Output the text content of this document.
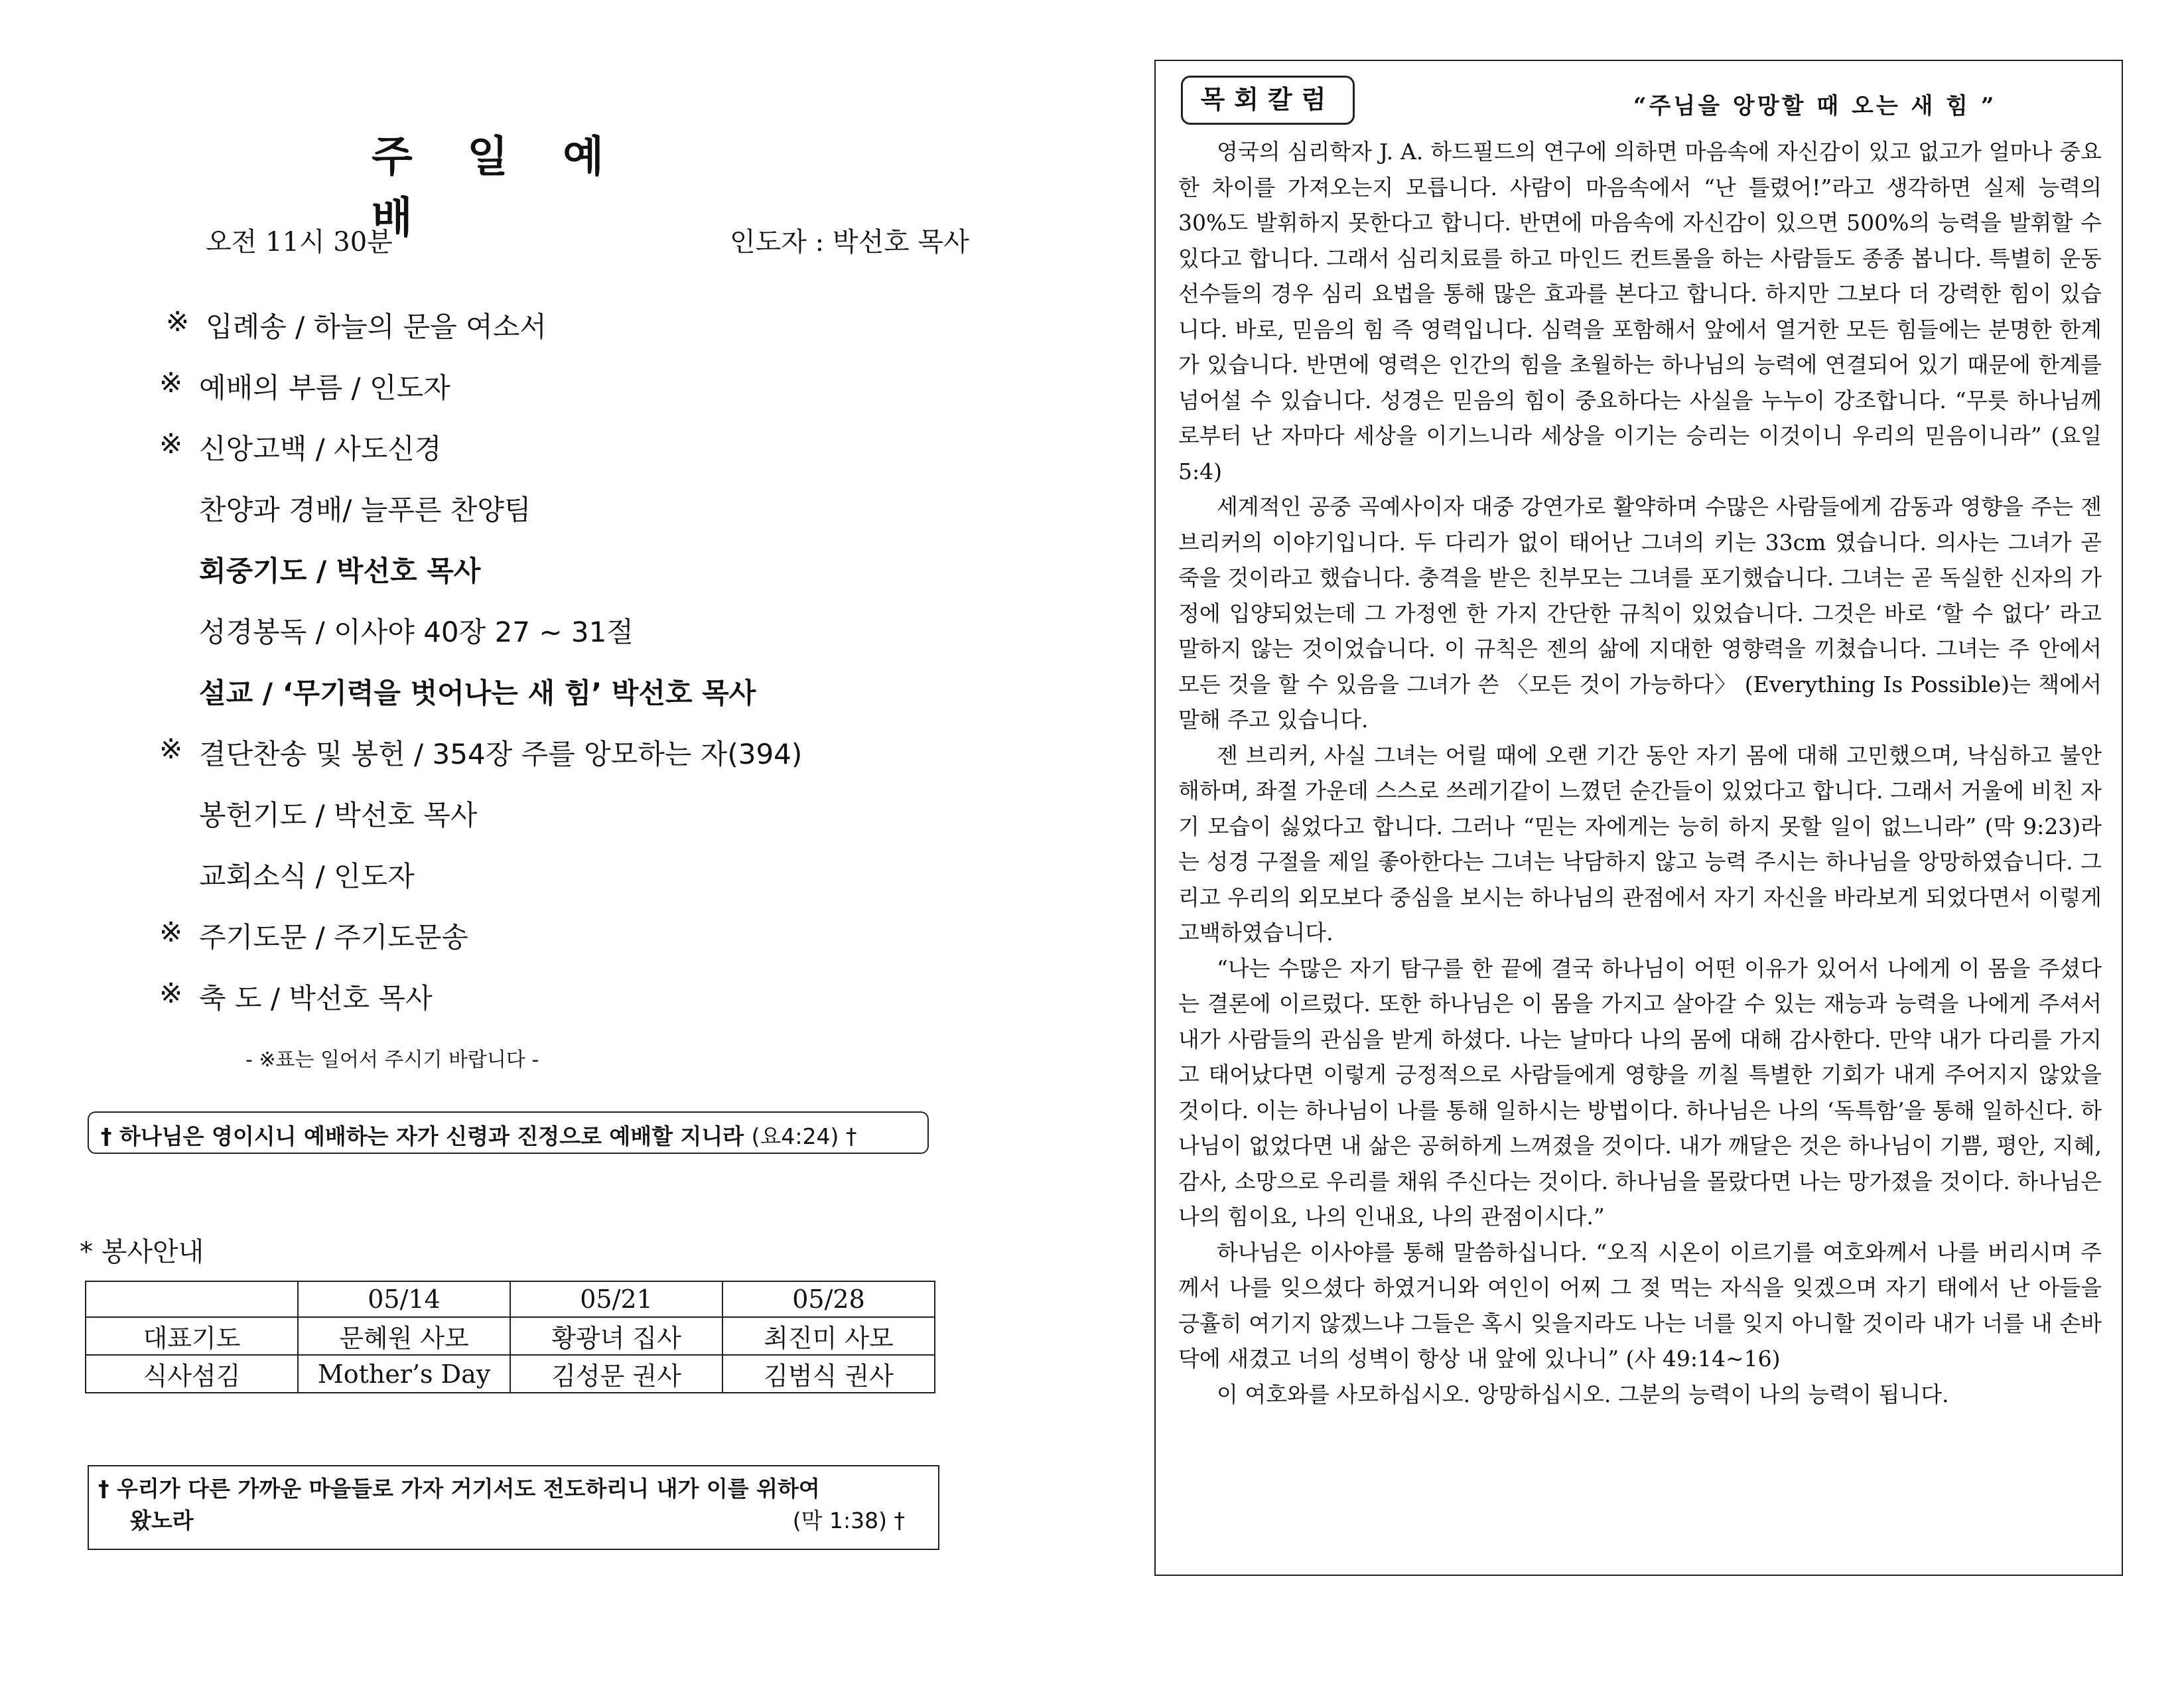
주 일 예 배
오전 11시 30분	인도자 : 박선호 목사
※ 입례송 / 하늘의 문을 여소서
※ 예배의 부름 / 인도자
※ 신앙고백 / 사도신경
찬양과 경배/ 늘푸른 찬양팀
회중기도 / 박선호 목사
성경봉독 / 이사야 40장 27 ~ 31절
설교 / ‘무기력을 벗어나는 새 힘’ 박선호 목사
※ 결단찬송 및 봉헌 / 354장 주를 앙모하는 자(394)
봉헌기도 / 박선호 목사
교회소식 / 인도자
※ 주기도문 / 주기도문송
※ 축 도 / 박선호 목사
- ※표는 일어서 주시기 바랍니다 -
† 하나님은 영이시니 예배하는 자가 신령과 진정으로 예배할 지니라 (요4:24) †
* 봉사안내
	05/14	05/21	05/28
대표기도	문혜원 사모	황광녀 집사	최진미 사모
식사섬김	Mother’s Day	김성문 권사	김범식 권사
† 우리가 다른 가까운 마을들로 가자 거기서도 전도하리니 내가 이를 위하여
왔노라	(막 1:38) †
목회칼럼	“주님을 앙망할 때 오는 새 힘 ”

영국의 심리학자 J. A. 하드필드의 연구에 의하면 마음속에 자신감이 있고 없고가 얼마나 중요한 차이를 가져오는지 모릅니다. 사람이 마음속에서 “난 틀렸어!”라고 생각하면 실제 능력의 30%도 발휘하지 못한다고 합니다. 반면에 마음속에 자신감이 있으면 500%의 능력을 발휘할 수 있다고 합니다. 그래서 심리치료를 하고 마인드 컨트롤을 하는 사람들도 종종 봅니다. 특별히 운동선수들의 경우 심리 요법을 통해 많은 효과를 본다고 합니다. 하지만 그보다 더 강력한 힘이 있습니다. 바로, 믿음의 힘 즉 영력입니다. 심력을 포함해서 앞에서 열거한 모든 힘들에는 분명한 한계가 있습니다. 반면에 영력은 인간의 힘을 초월하는 하나님의 능력에 연결되어 있기 때문에 한계를 넘어설 수 있습니다. 성경은 믿음의 힘이 중요하다는 사실을 누누이 강조합니다. “무릇 하나님께로부터 난 자마다 세상을 이기느니라 세상을 이기는 승리는 이것이니 우리의 믿음이니라” (요일5:4)

세계적인 공중 곡예사이자 대중 강연가로 활약하며 수많은 사람들에게 감동과 영향을 주는 젠 브리커의 이야기입니다. 두 다리가 없이 태어난 그녀의 키는 33cm 였습니다. 의사는 그녀가 곧 죽을 것이라고 했습니다. 충격을 받은 친부모는 그녀를 포기했습니다. 그녀는 곧 독실한 신자의 가정에 입양되었는데 그 가정엔 한 가지 간단한 규칙이 있었습니다. 그것은 바로 ‘할 수 없다’ 라고 말하지 않는 것이었습니다. 이 규칙은 젠의 삶에 지대한 영향력을 끼쳤습니다. 그녀는 주 안에서 모든 것을 할 수 있음을 그녀가 쓴 〈모든 것이 가능하다〉 (Everything Is Possible)는 책에서 말해 주고 있습니다.

젠 브리커, 사실 그녀는 어릴 때에 오랜 기간 동안 자기 몸에 대해 고민했으며, 낙심하고 불안해하며, 좌절 가운데 스스로 쓰레기같이 느꼈던 순간들이 있었다고 합니다. 그래서 거울에 비친 자기 모습이 싫었다고 합니다. 그러나 “믿는 자에게는 능히 하지 못할 일이 없느니라” (막 9:23)라는 성경 구절을 제일 좋아한다는 그녀는 낙담하지 않고 능력 주시는 하나님을 앙망하였습니다. 그리고 우리의 외모보다 중심을 보시는 하나님의 관점에서 자기 자신을 바라보게 되었다면서 이렇게 고백하였습니다.

“나는 수많은 자기 탐구를 한 끝에 결국 하나님이 어떤 이유가 있어서 나에게 이 몸을 주셨다는 결론에 이르렀다. 또한 하나님은 이 몸을 가지고 살아갈 수 있는 재능과 능력을 나에게 주셔서 내가 사람들의 관심을 받게 하셨다. 나는 날마다 나의 몸에 대해 감사한다. 만약 내가 다리를 가지고 태어났다면 이렇게 긍정적으로 사람들에게 영향을 끼칠 특별한 기회가 내게 주어지지 않았을 것이다. 이는 하나님이 나를 통해 일하시는 방법이다. 하나님은 나의 ‘독특함’을 통해 일하신다. 하나님이 없었다면 내 삶은 공허하게 느껴졌을 것이다. 내가 깨달은 것은 하나님이 기쁨, 평안, 지혜, 감사, 소망으로 우리를 채워 주신다는 것이다. 하나님을 몰랐다면 나는 망가졌을 것이다. 하나님은 나의 힘이요, 나의 인내요, 나의 관점이시다.”

하나님은 이사야를 통해 말씀하십니다. “오직 시온이 이르기를 여호와께서 나를 버리시며 주께서 나를 잊으셨다 하였거니와 여인이 어찌 그 젖 먹는 자식을 잊겠으며 자기 태에서 난 아들을 긍휼히 여기지 않겠느냐 그들은 혹시 잊을지라도 나는 너를 잊지 아니할 것이라 내가 너를 내 손바닥에 새겼고 너의 성벽이 항상 내 앞에 있나니” (사 49:14~16)

이 여호와를 사모하십시오. 앙망하십시오. 그분의 능력이 나의 능력이 됩니다.
